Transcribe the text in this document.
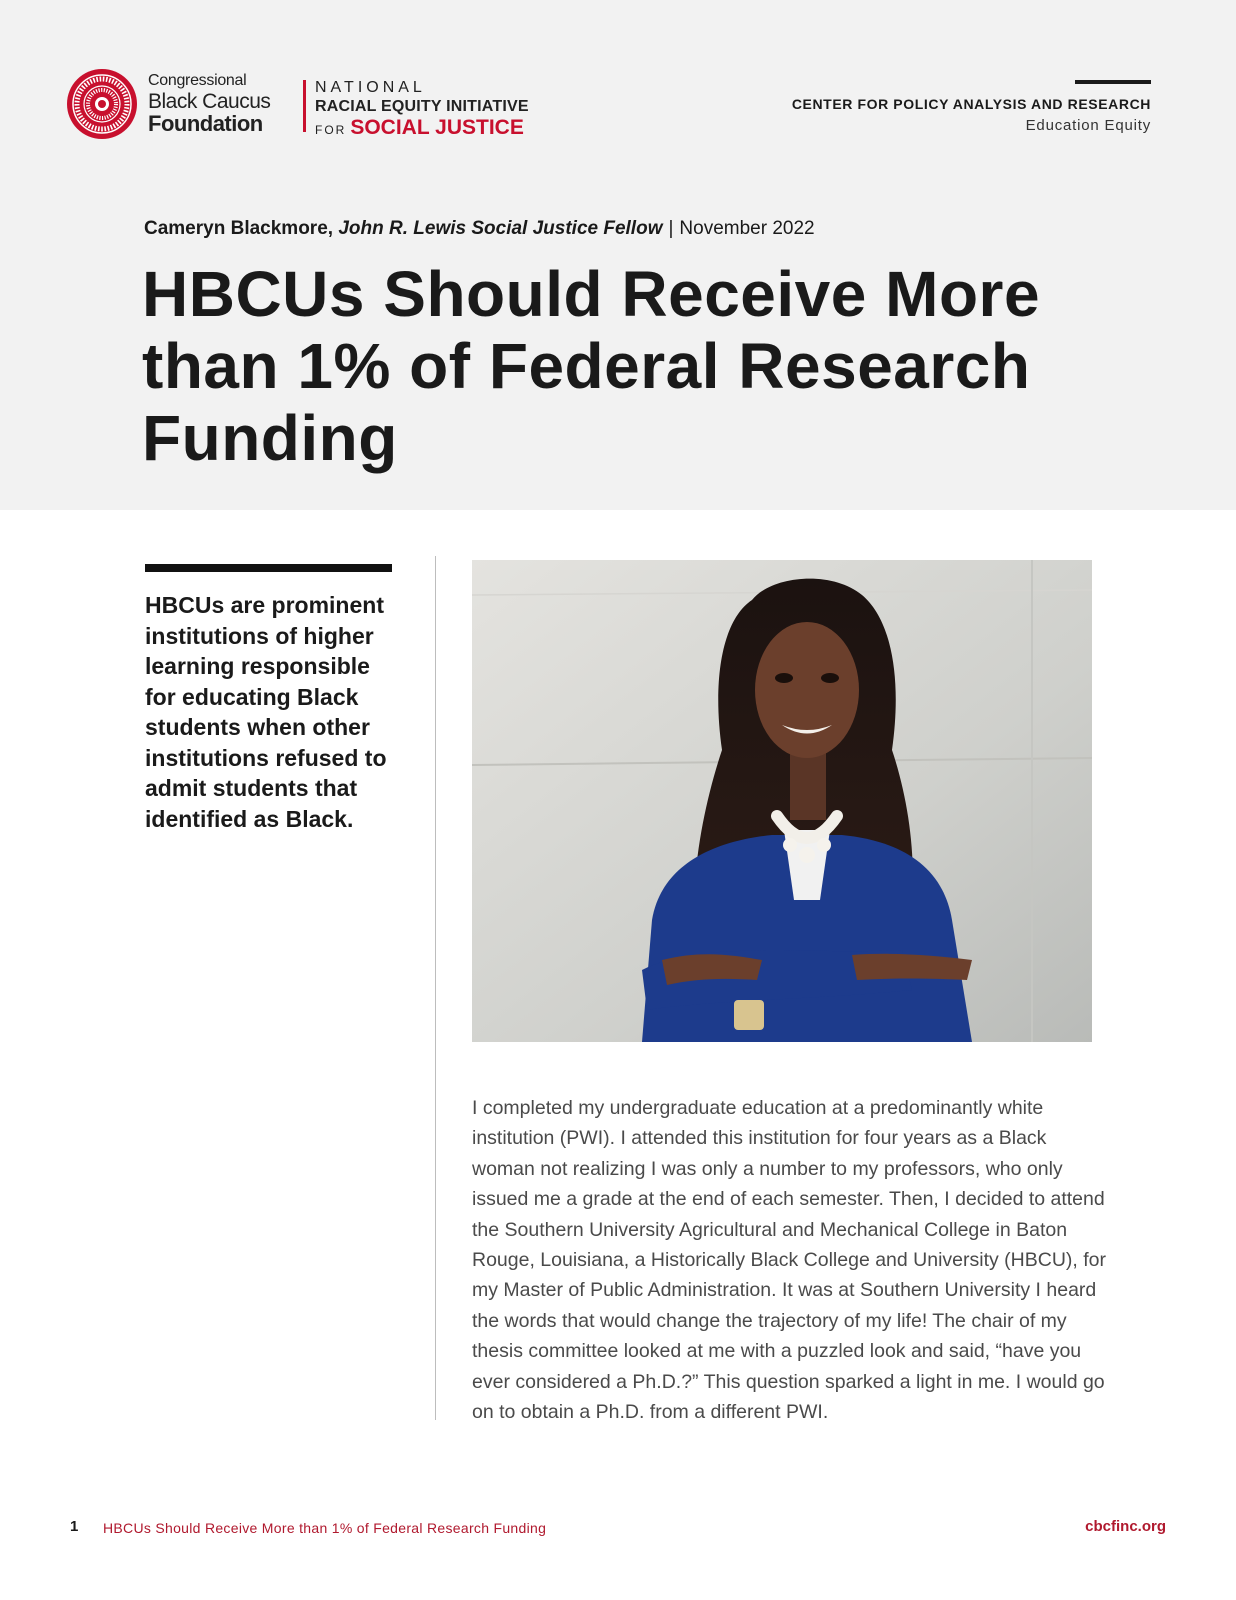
Congressional
Black Caucus
Foundation
NATIONAL
RACIAL EQUITY INITIATIVE
FOR SOCIAL JUSTICE
CENTER FOR POLICY ANALYSIS AND RESEARCH
Education Equity
Cameryn Blackmore, John R. Lewis Social Justice Fellow | November 2022
HBCUs Should Receive More than 1% of Federal Research Funding

HBCUs are prominent institutions of higher learning responsible for educating Black students when other institutions refused to admit students that identified as Black.

I completed my undergraduate education at a predominantly white institution (PWI). I attended this institution for four years as a Black woman not realizing I was only a number to my professors, who only issued me a grade at the end of each semester. Then, I decided to attend the Southern University Agricultural and Mechanical College in Baton Rouge, Louisiana, a Historically Black College and University (HBCU), for my Master of Public Administration. It was at Southern University I heard the words that would change the trajectory of my life! The chair of my thesis committee looked at me with a puzzled look and said, “have you ever considered a Ph.D.?” This question sparked a light in me. I would go on to obtain a Ph.D. from a different PWI.

1 HBCUs Should Receive More than 1% of Federal Research Funding	cbcfinc.org
